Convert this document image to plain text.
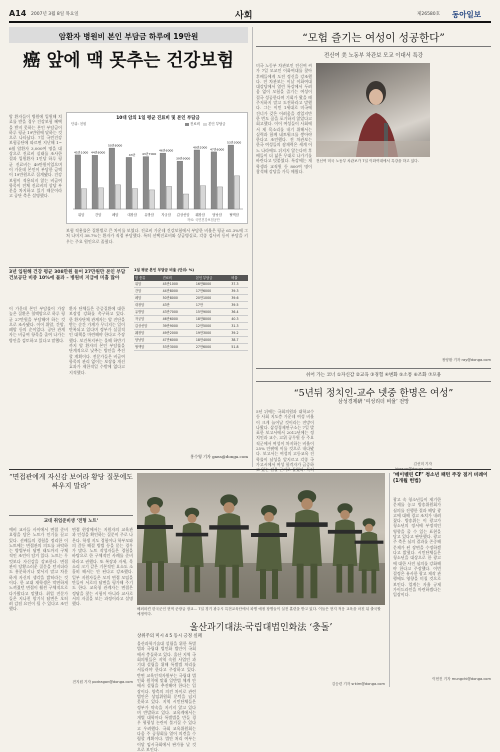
A14 2007년 3월 8일 목요일	사회	제26580호 동아일보
암환자 병원비 본인 부담금 하루에 19만원
癌 앞에 맥 못추는 건강보험
암 환자들이 병원에 입원해 치료를 받을 경우 건강보험 혜택을 받지 못하는 본인 부담금이 하루 평균 19만원에 달하는 것으로 나타났다. 7일 국민건강보험공단에 따르면 지난해 1~6월 암환자 3,000여 명을 대상으로 진료비 실태를 조사한 결과 입원환자 1인당 하루 평균 진료비는 49만원이었으며 이 가운데 본인이 부담한 금액이 19만원으로 집계됐다. 건강보험이 적용되지 않는 비급여 항목이 전체 진료비의 상당 부분을 차지하고 있기 때문이라고 공단 측은 설명했다.
10대 암의 1일 평균 진료비 및 본인 부담금
단위: 천원	진료비 본인 부담금
45만1000
위암
44만8000
간암
50만8000
폐암
43만
대장암
43만7000
유방암
46만6000
자궁암
39만9000
갑상선암
49만2000
췌장암
47만6000
담낭암
53만3000
혈액암
자료: 국민건강보험공단
보험 적용률은 질환별로 큰 차이를 보였다. 진료비 가운데 건강보험에서 부담한 비율은 평균 61.3%에 그쳐 나머지 38.7%는 환자가 직접 부담했다. 특히 선택진료비와 상급병실료, 각종 검사비 등이 부담을 키우는 주요 원인으로 꼽혔다.
3년 입원해 건강 평균 308만원 들어 27만원만 본인 부담 건보공단 비중 10%에 불과 – 병원비 지급에 미흡 많아
이 가운데 본인 부담률이 가장 높은 질환은 혈액암으로 하루 평균 27만원을 부담해야 하는 것으로 조사됐다. 이어 위암, 간암, 폐암 등의 순이었다. 공단 관계자는 비급여 항목을 줄여 나가는 방안을 검토하고 있다고 말했다.
환자 단체들은 중증질환에 대한 보장성 강화를 촉구하고 있다. 한 환자단체 관계자는 암 진단을 받는 순간 가계가 무너지는 일이 반복되고 있다며 정부가 실질적인 대책을 마련해야 한다고 주장했다. 보건복지부는 올해 하반기까지 암 환자의 본인 부담률을 단계적으로 낮추는 방안을 추진할 계획이다. 전문가들은 비급여 항목의 관리 없이는 보장률 개선 효과가 제한적일 수밖에 없다고 지적했다.
1일 평균 본인 부담금 비율 (단위: %)
암 종류	진료비	본인 부담금	비율
위암	45만1000	16만8000	37.3
간암	44만8000	17만6000	39.3
폐암	50만8000	20만1000	39.6
대장암	43만	17만	39.5
유방암	43만7000	15만9000	36.4
자궁암	46만6000	18만8000	40.3
갑상선암	39만9000	12만5000	31.3
췌장암	49만2000	19만3000	39.2
담낭암	47만6000	18만4000	38.7
혈액암	53만3000	27만6000	51.8
홍수영 기자 gaea@donga.com
“모험 즐기는 여성이 성공한다”
전신여 美 노동부 차관보 모교 이대서 특강
미국 노동부 차관보인 전신여 씨가 7일 모교인 이화여대를 찾아 후배들에게 도전 정신을 강조했다. 전 차관보는 이날 이화여대 대강당에서 열린 특강에서 두려움 없이 모험을 즐기는 여성이 결국 성공한다며 기회가 왔을 때 주저하지 말고 도전하라고 말했다. 그는 이민 1세대로 미국에 건너가 갖은 어려움을 겪었지만 한 번도 꿈을 포기하지 않았다고 회고했다. 이어 여성들이 사회에서 제 목소리를 내기 위해서는 실력과 함께 네트워크를 쌓아야 한다고 조언했다. 전 차관보는 한국 여성들의 잠재력은 세계 어느 나라에도 뒤지지 않는다며 후배들이 더 넓은 무대로 나가기를 바란다고 덧붙였다. 특강에는 재학생과 교직원 등 800여 명이 참석해 강당을 가득 메웠다.
전신여 미국 노동부 차관보가 7일 이화여대에서 특강을 하고 있다.
정양환 기자 ray@donga.com
쉬어 가는 코너 ①자신감 ②교육 ③경험 ④변화 ⑤소통 ⑥조화 ⑦포용
“5년뒤 정치인-교수 넷중 한명은 여성”
삼성경제硏 ‘여성리더 비율’ 전망
5년 뒤에는 국회의원과 대학교수 등 사회 지도층 가운데 여성 비율이 크게 늘어날 것이라는 전망이 나왔다. 삼성경제연구소는 7일 발표한 보고서에서 2012년에는 정치인과 교수, 고위 공무원 등 주요 직군에서 여성이 차지하는 비율이 25% 안팎에 이를 것으로 내다봤다. 보고서는 여성의 고등교육 진학률이 남성을 앞지르고 각종 국가고시에서 여성 합격자가 급증하	김선미 기자
“면접관에게 자신감 보여라 황당 질문에도 싸우지 말라”
교대 취업준비생 ‘전형 노트’
예비 교사들 사이에서 면접 준비 요령을 담은 노트가 인기를 끌고 있다. 선배들의 경험을 정리한 이 노트에는 면접관의 의도를 파악하는 방법부터 답변 태도까지 구체적인 조언이 담겨 있다. 노트는 무엇보다 자신감을 강조한다. 면접관이 당황스러운 질문을 던지더라도 흥분하거나 맞서지 말고 차분하게 자신의 생각을 밝히라는 것이다. 한 교대 재학생은 막연하게 느껴졌던 면접이 훨씬 구체적으로 다가왔다고 말했다. 취업 전문가들은 지나친 암기식 답변은 오히려 감점 요인이 될 수 있다고 조언했다.
면접 현장에서는 지원자의 교육관과 인성을 확인하는 질문이 주로 나온다. 학생 지도 경험이나 학부모와의 갈등 해결 방법 등을 묻는 경우가 많다. 노트 작성자들은 경험을 바탕으로 한 구체적인 사례를 준비하라고 권했다. 또 복장과 자세, 목소리 크기 같은 기본적인 요소도 소홀히 해서는 안 된다고 강조했다. 일부 지원자들은 모의 면접 모임을 만들어 서로의 답변을 평가해 주기도 한다. 교육청 관계자는 면접은 정답을 찾는 시험이 아니라 교사로서의 자질을 보는 과정이라고 설명했다.
전지원 기자 podragon@donga.com
해외파견 한국군인 현역 준장급 장교... 7일 경기 광주시 특전교육단에서 파병 예정 장병들이 실전 훈련을 받고 있다. 이들은 현지 적응 교육을 마친 뒤 출국할 예정이다.
울산과기대法-국립대법인화法 ‘충돌’
상위주의 미시 4 5 동시 긍정 실패
울산과학기술대 설립을 위한 특별법과 국립대 법인화 법안이 국회에서 충돌하고 있다. 울산 지역 국회의원들은 지역 숙원 사업인 과기대 설립을 위해 특별법 처리를 서둘러야 한다고 주장하고 있다. 반면 교육인적자원부는 국립대 법인화 원칙에 맞춰 일반법 체계 안에서 설립을 추진해야 한다는 입장이다. 양측의 의견 차이로 관련 법안은 상임위원회 문턱을 넘지 못하고 있다. 지역 시민단체들은 정부가 약속을 지키지 않고 있다며 반발하고 있다. 교육계에서는 개별 대학마다 특별법을 만들 경우 형평성 논란이 불거질 수 있다고 우려했다. 국회 교육위원회는 다음 주 공청회를 열어 의견을 수렴할 계획이다. 법안 처리 여부는 이달 임시국회에서 판가름 날 것으로 보인다.
김승련 기자 srkim@donga.com
‘메이벨린 CF’ 청소년 패턴 주장 점거 비례이 (1개월 헌법)
광고 속 청소년들이 제기한 문제를 놓고 방송위원회가 심의를 진행한 결과 해당 광고에 대해 경고 조치가 내려졌다. 방송위는 이 광고가 청소년의 정서에 부정적인 영향을 줄 수 있는 표현을 담고 있다고 판단했다. 광고주 측은 심의 결과를 존중해 문제가 된 장면을 수정하겠다고 밝혔다. 시민단체들은 청소년을 대상으로 한 광고에 대한 사전 심의를 강화해야 한다고 주장했다. 이번 결정은 유사한 광고 제작 관행에도 영향을 미칠 것으로 보인다. 업계는 자율 규제 가이드라인을 마련하겠다는 입장이다.
이헌진 기자 mungchi@donga.com
